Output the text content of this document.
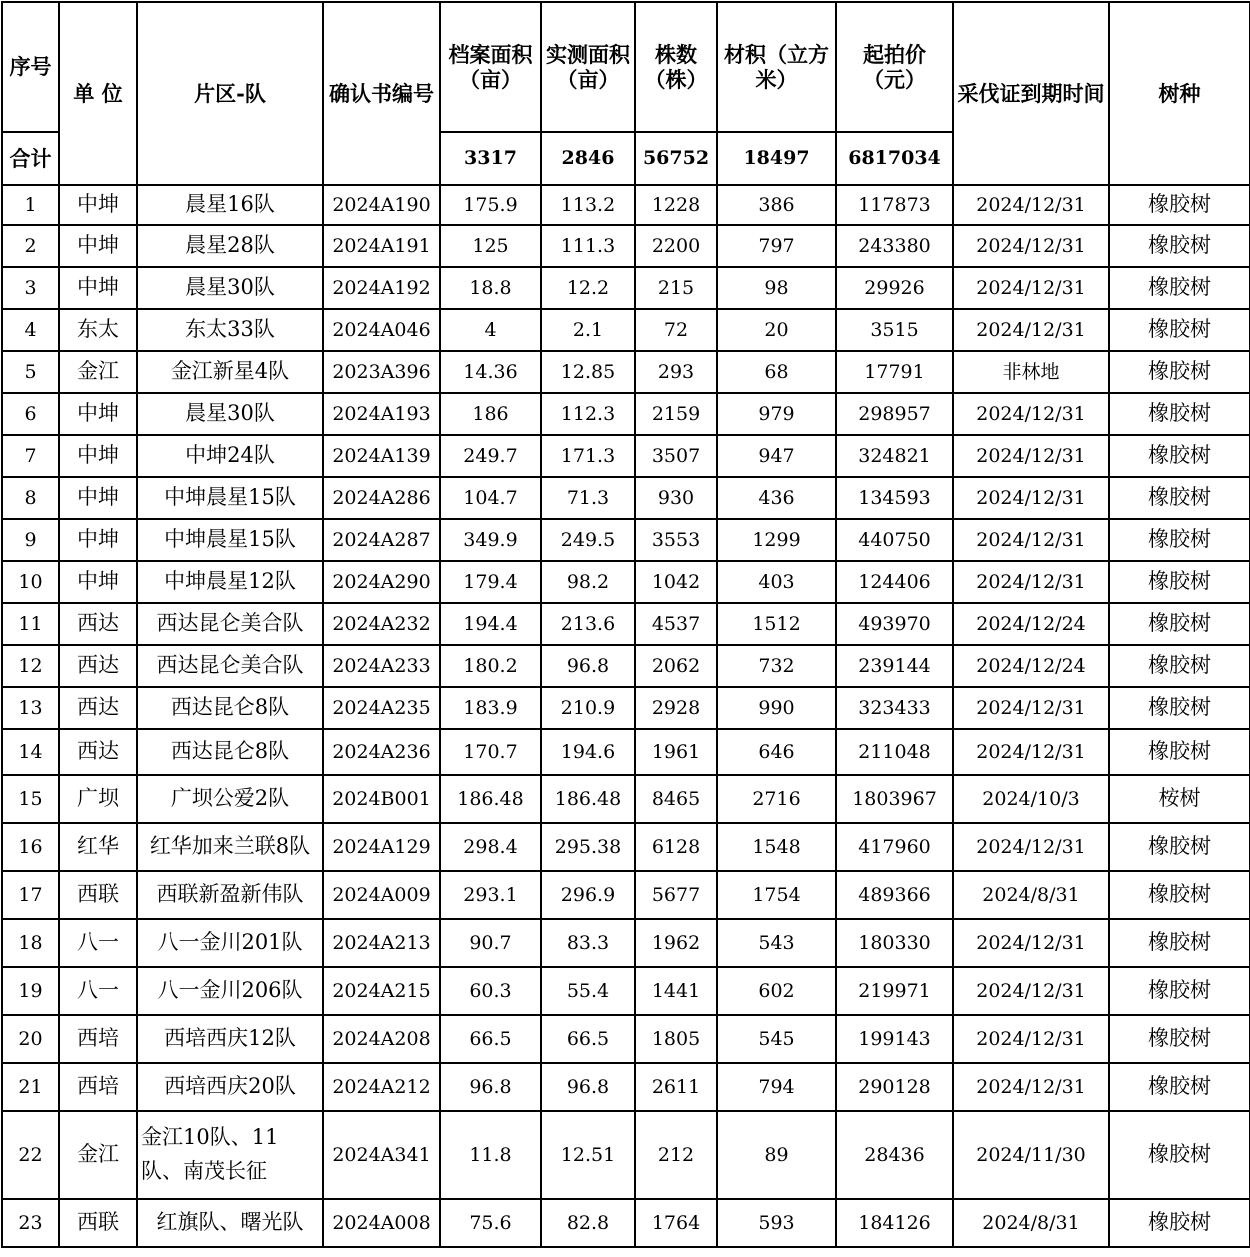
序号	单 位	片区-队	确认书编号	档案面积（亩）	实测面积（亩）	株数（株）	材积（立方米）	起拍价（元）	采伐证到期时间	树种
合计				3317	2846	56752	18497	6817034		
1	中坤	晨星16队	2024A190	175.9	113.2	1228	386	117873	2024/12/31	橡胶树
2	中坤	晨星28队	2024A191	125	111.3	2200	797	243380	2024/12/31	橡胶树
3	中坤	晨星30队	2024A192	18.8	12.2	215	98	29926	2024/12/31	橡胶树
4	东太	东太33队	2024A046	4	2.1	72	20	3515	2024/12/31	橡胶树
5	金江	金江新星4队	2023A396	14.36	12.85	293	68	17791	非林地	橡胶树
6	中坤	晨星30队	2024A193	186	112.3	2159	979	298957	2024/12/31	橡胶树
7	中坤	中坤24队	2024A139	249.7	171.3	3507	947	324821	2024/12/31	橡胶树
8	中坤	中坤晨星15队	2024A286	104.7	71.3	930	436	134593	2024/12/31	橡胶树
9	中坤	中坤晨星15队	2024A287	349.9	249.5	3553	1299	440750	2024/12/31	橡胶树
10	中坤	中坤晨星12队	2024A290	179.4	98.2	1042	403	124406	2024/12/31	橡胶树
11	西达	西达昆仑美合队	2024A232	194.4	213.6	4537	1512	493970	2024/12/24	橡胶树
12	西达	西达昆仑美合队	2024A233	180.2	96.8	2062	732	239144	2024/12/24	橡胶树
13	西达	西达昆仑8队	2024A235	183.9	210.9	2928	990	323433	2024/12/31	橡胶树
14	西达	西达昆仑8队	2024A236	170.7	194.6	1961	646	211048	2024/12/31	橡胶树
15	广坝	广坝公爱2队	2024B001	186.48	186.48	8465	2716	1803967	2024/10/3	桉树
16	红华	红华加来兰联8队	2024A129	298.4	295.38	6128	1548	417960	2024/12/31	橡胶树
17	西联	西联新盈新伟队	2024A009	293.1	296.9	5677	1754	489366	2024/8/31	橡胶树
18	八一	八一金川201队	2024A213	90.7	83.3	1962	543	180330	2024/12/31	橡胶树
19	八一	八一金川206队	2024A215	60.3	55.4	1441	602	219971	2024/12/31	橡胶树
20	西培	西培西庆12队	2024A208	66.5	66.5	1805	545	199143	2024/12/31	橡胶树
21	西培	西培西庆20队	2024A212	96.8	96.8	2611	794	290128	2024/12/31	橡胶树
22	金江	金江10队、11队、南茂长征	2024A341	11.8	12.51	212	89	28436	2024/11/30	橡胶树
23	西联	红旗队、曙光队	2024A008	75.6	82.8	1764	593	184126	2024/8/31	橡胶树
